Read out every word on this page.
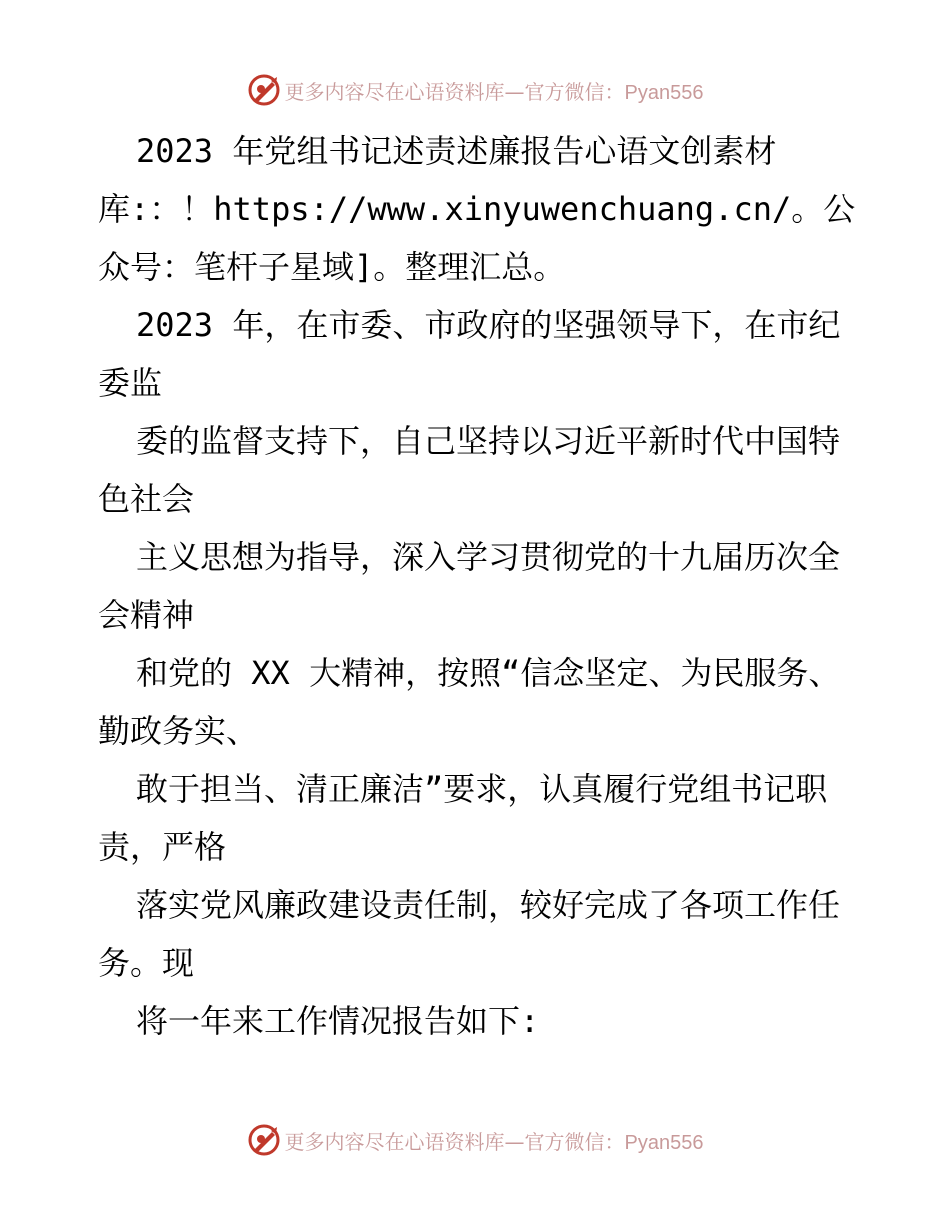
更多内容尽在心语资料库—官方微信：Pyan556

2023 年党组书记述责述廉报告心语文创素材库:：！https://www.xinyuwenchuang.cn/。公众号：笔杆子星域]。整理汇总。

2023 年，在市委、市政府的坚强领导下，在市纪委监

委的监督支持下，自己坚持以习近平新时代中国特色社会

主义思想为指导，深入学习贯彻党的十九届历次全会精神

和党的 XX 大精神，按照“信念坚定、为民服务、勤政务实、

敢于担当、清正廉洁”要求，认真履行党组书记职责，严格

落实党风廉政建设责任制，较好完成了各项工作任务。现

将一年来工作情况报告如下:

更多内容尽在心语资料库—官方微信：Pyan556
